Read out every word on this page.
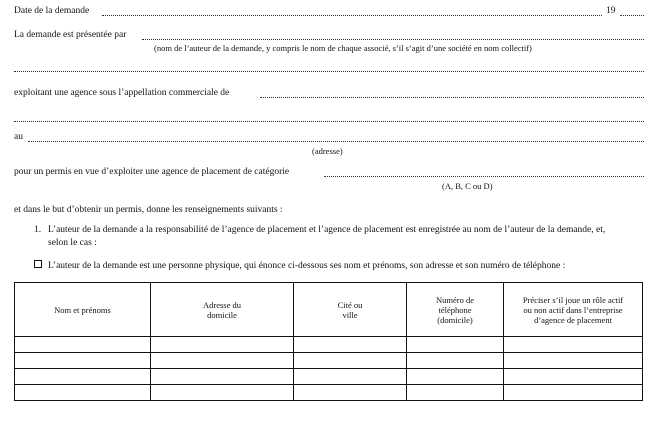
Date de la demande	19
La demande est présentée par
(nom de l’auteur de la demande, y compris le nom de chaque associé, s’il s’agit d’une société en nom collectif)
exploitant une agence sous l’appellation commerciale de
au
(adresse)
pour un permis en vue d’exploiter une agence de placement de catégorie
(A, B, C ou D)
et dans le but d’obtenir un permis, donne les renseignements suivants :
1. L’auteur de la demande a la responsabilité de l’agence de placement et l’agence de placement est enregistrée au nom de l’auteur de la demande, et,
selon le cas :
L’auteur de la demande est une personne physique, qui énonce ci-dessous ses nom et prénoms, son adresse et son numéro de téléphone :
Nom et prénoms	Adresse du domicile	Cité ou ville	Numéro de téléphone (domicile)	Préciser s’il joue un rôle actif ou non actif dans l’entreprise d’agence de placement
